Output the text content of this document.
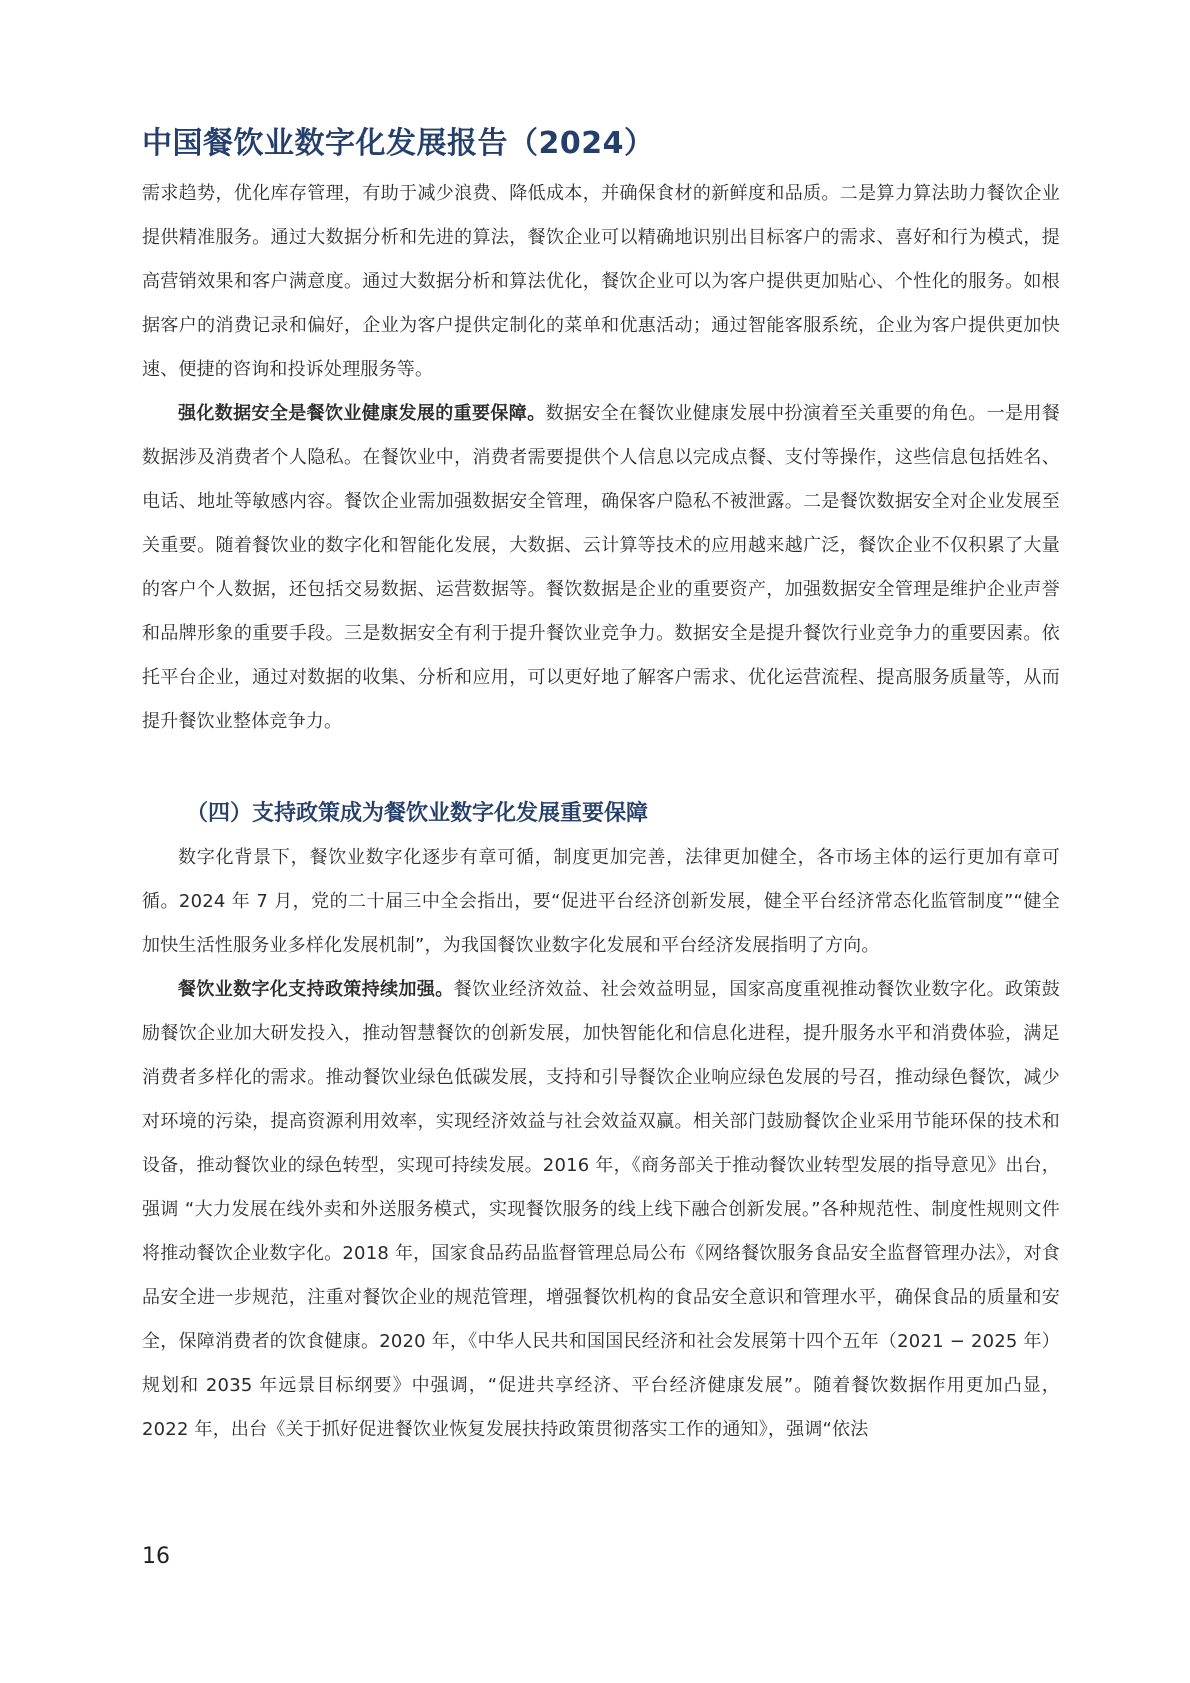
中国餐饮业数字化发展报告（2024）

需求趋势，优化库存管理，有助于减少浪费、降低成本，并确保食材的新鲜度和品质。二是算力算法助力餐饮企业提供精准服务。通过大数据分析和先进的算法，餐饮企业可以精确地识别出目标客户的需求、喜好和行为模式，提高营销效果和客户满意度。通过大数据分析和算法优化，餐饮企业可以为客户提供更加贴心、个性化的服务。如根据客户的消费记录和偏好，企业为客户提供定制化的菜单和优惠活动；通过智能客服系统，企业为客户提供更加快速、便捷的咨询和投诉处理服务等。

强化数据安全是餐饮业健康发展的重要保障。数据安全在餐饮业健康发展中扮演着至关重要的角色。一是用餐数据涉及消费者个人隐私。在餐饮业中，消费者需要提供个人信息以完成点餐、支付等操作，这些信息包括姓名、电话、地址等敏感内容。餐饮企业需加强数据安全管理，确保客户隐私不被泄露。二是餐饮数据安全对企业发展至关重要。随着餐饮业的数字化和智能化发展，大数据、云计算等技术的应用越来越广泛，餐饮企业不仅积累了大量的客户个人数据，还包括交易数据、运营数据等。餐饮数据是企业的重要资产，加强数据安全管理是维护企业声誉和品牌形象的重要手段。三是数据安全有利于提升餐饮业竞争力。数据安全是提升餐饮行业竞争力的重要因素。依托平台企业，通过对数据的收集、分析和应用，可以更好地了解客户需求、优化运营流程、提高服务质量等，从而提升餐饮业整体竞争力。

（四）支持政策成为餐饮业数字化发展重要保障

数字化背景下，餐饮业数字化逐步有章可循，制度更加完善，法律更加健全，各市场主体的运行更加有章可循。2024 年 7 月，党的二十届三中全会指出，要“促进平台经济创新发展，健全平台经济常态化监管制度”“健全加快生活性服务业多样化发展机制”，为我国餐饮业数字化发展和平台经济发展指明了方向。

餐饮业数字化支持政策持续加强。餐饮业经济效益、社会效益明显，国家高度重视推动餐饮业数字化。政策鼓励餐饮企业加大研发投入，推动智慧餐饮的创新发展，加快智能化和信息化进程，提升服务水平和消费体验，满足消费者多样化的需求。推动餐饮业绿色低碳发展，支持和引导餐饮企业响应绿色发展的号召，推动绿色餐饮，减少对环境的污染，提高资源利用效率，实现经济效益与社会效益双赢。相关部门鼓励餐饮企业采用节能环保的技术和设备，推动餐饮业的绿色转型，实现可持续发展。2016 年，《商务部关于推动餐饮业转型发展的指导意见》出台，强调 “大力发展在线外卖和外送服务模式，实现餐饮服务的线上线下融合创新发展。”各种规范性、制度性规则文件将推动餐饮企业数字化。2018 年，国家食品药品监督管理总局公布《网络餐饮服务食品安全监督管理办法》，对食品安全进一步规范，注重对餐饮企业的规范管理，增强餐饮机构的食品安全意识和管理水平，确保食品的质量和安全，保障消费者的饮食健康。2020 年，《中华人民共和国国民经济和社会发展第十四个五年（2021 − 2025 年）规划和 2035 年远景目标纲要》中强调，“促进共享经济、平台经济健康发展”。随着餐饮数据作用更加凸显，2022 年，出台《关于抓好促进餐饮业恢复发展扶持政策贯彻落实工作的通知》，强调“依法

16
